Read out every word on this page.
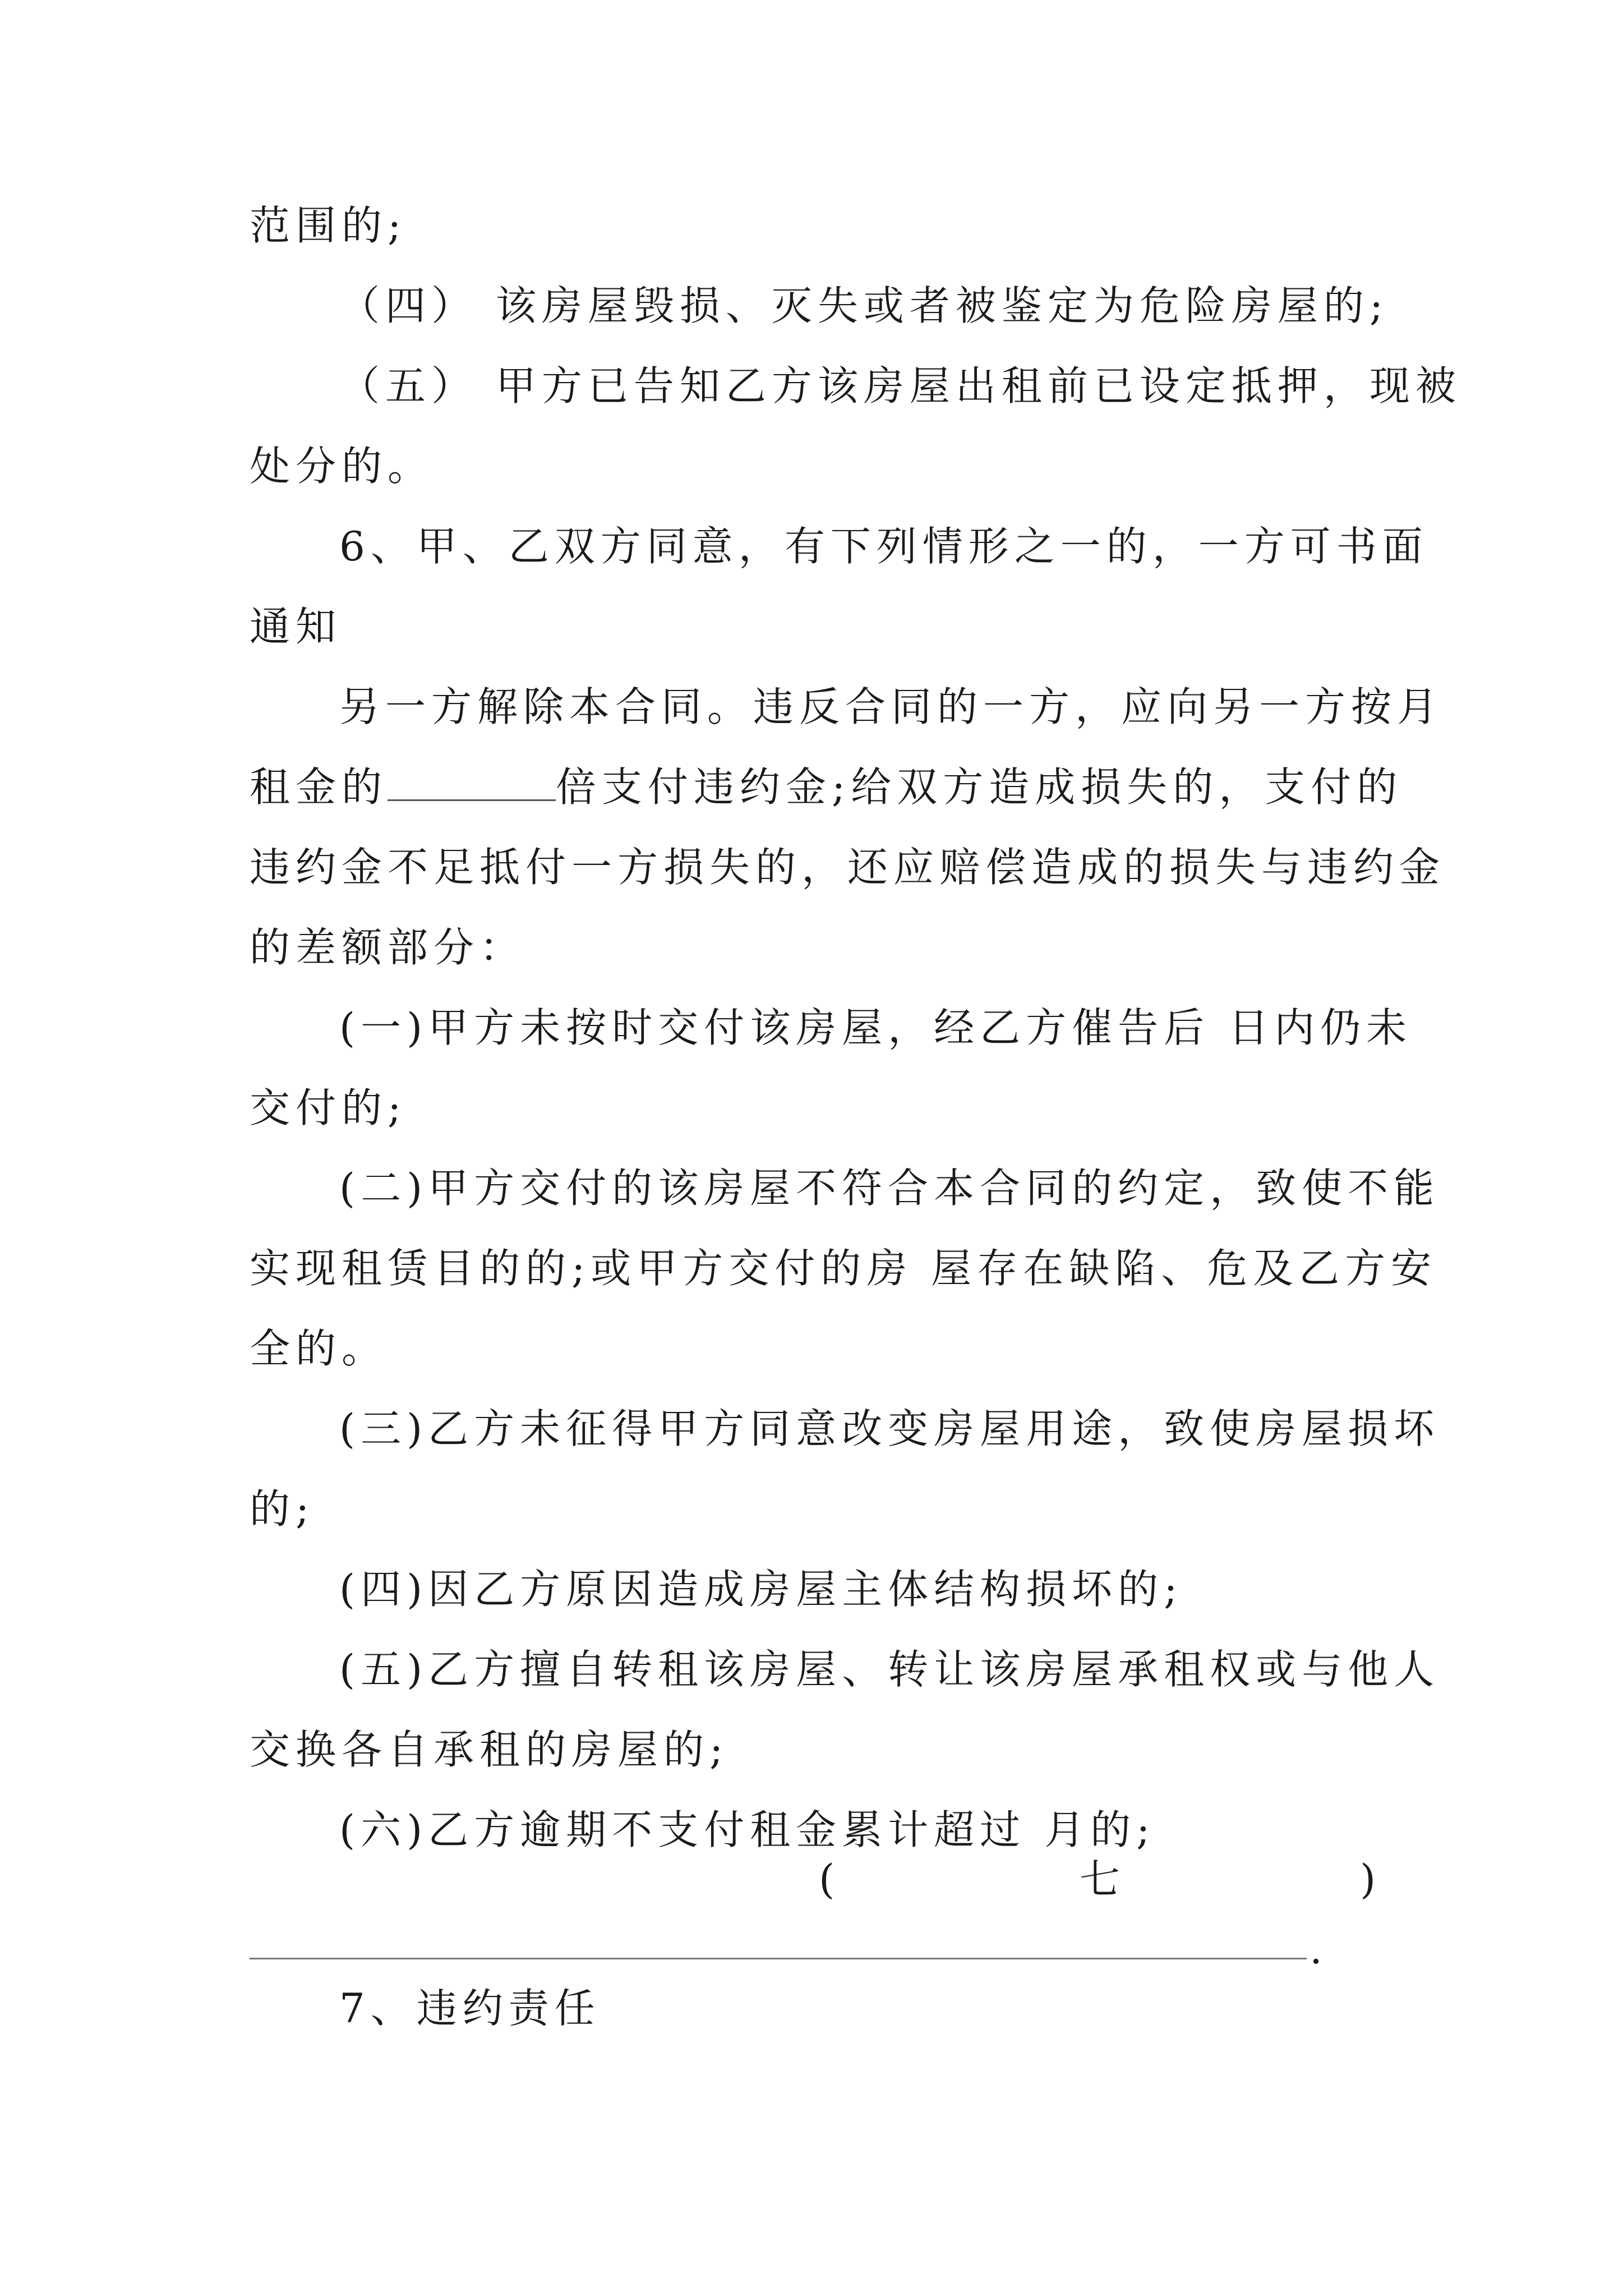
范围的;
（四） 该房屋毁损、灭失或者被鉴定为危险房屋的;
（五） 甲方已告知乙方该房屋出租前已设定抵押，现被
处分的。
6、甲、乙双方同意，有下列情形之一的，一方可书面
通知
另一方解除本合同。违反合同的一方，应向另一方按月
租金的	倍支付违约金;给双方造成损失的，支付的
违约金不足抵付一方损失的，还应赔偿造成的损失与违约金
的差额部分：
(一)甲方未按时交付该房屋，经乙方催告后 日内仍未
交付的;
(二)甲方交付的该房屋不符合本合同的约定，致使不能
实现租赁目的的;或甲方交付的房 屋存在缺陷、危及乙方安
全的。
(三)乙方未征得甲方同意改变房屋用途，致使房屋损坏
的;
(四)因乙方原因造成房屋主体结构损坏的;
(五)乙方擅自转租该房屋、转让该房屋承租权或与他人
交换各自承租的房屋的;
(六)乙方逾期不支付租金累计超过 月的;
(	七	)
.
7、违约责任
